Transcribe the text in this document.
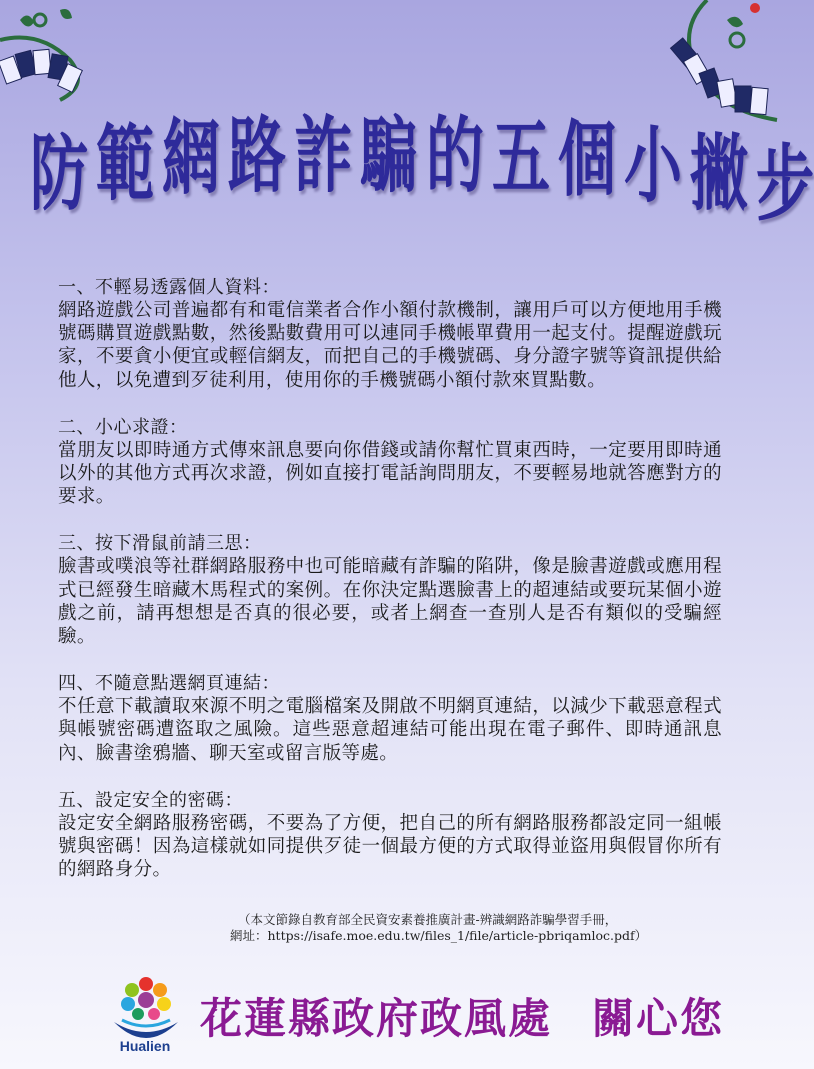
防 範 網 路 詐 騙 的 五 個 小 撇 步

一、不輕易透露個人資料：

網路遊戲公司普遍都有和電信業者合作小額付款機制，讓用戶可以方便地用手機號碼購買遊戲點數，然後點數費用可以連同手機帳單費用一起支付。提醒遊戲玩家，不要貪小便宜或輕信網友，而把自己的手機號碼、身分證字號等資訊提供給他人，以免遭到歹徒利用，使用你的手機號碼小額付款來買點數。

二、小心求證：

當朋友以即時通方式傳來訊息要向你借錢或請你幫忙買東西時，一定要用即時通以外的其他方式再次求證，例如直接打電話詢問朋友，不要輕易地就答應對方的要求。

三、按下滑鼠前請三思：

臉書或噗浪等社群網路服務中也可能暗藏有詐騙的陷阱，像是臉書遊戲或應用程式已經發生暗藏木馬程式的案例。在你決定點選臉書上的超連結或要玩某個小遊戲之前，請再想想是否真的很必要，或者上網查一查別人是否有類似的受騙經驗。

四、不隨意點選網頁連結：

不任意下載讀取來源不明之電腦檔案及開啟不明網頁連結，以減少下載惡意程式與帳號密碼遭盜取之風險。這些惡意超連結可能出現在電子郵件、即時通訊息內、臉書塗鴉牆、聊天室或留言版等處。

五、設定安全的密碼：

設定安全網路服務密碼，不要為了方便，把自己的所有網路服務都設定同一組帳號與密碼！因為這樣就如同提供歹徒一個最方便的方式取得並盜用與假冒你所有的網路身分。

（本文節錄自教育部全民資安素養推廣計畫-辨識網路詐騙學習手冊，
網址：https://isafe.moe.edu.tw/files_1/file/article-pbriqamloc.pdf）
Hualien
花蓮縣政府政風處 關心您
